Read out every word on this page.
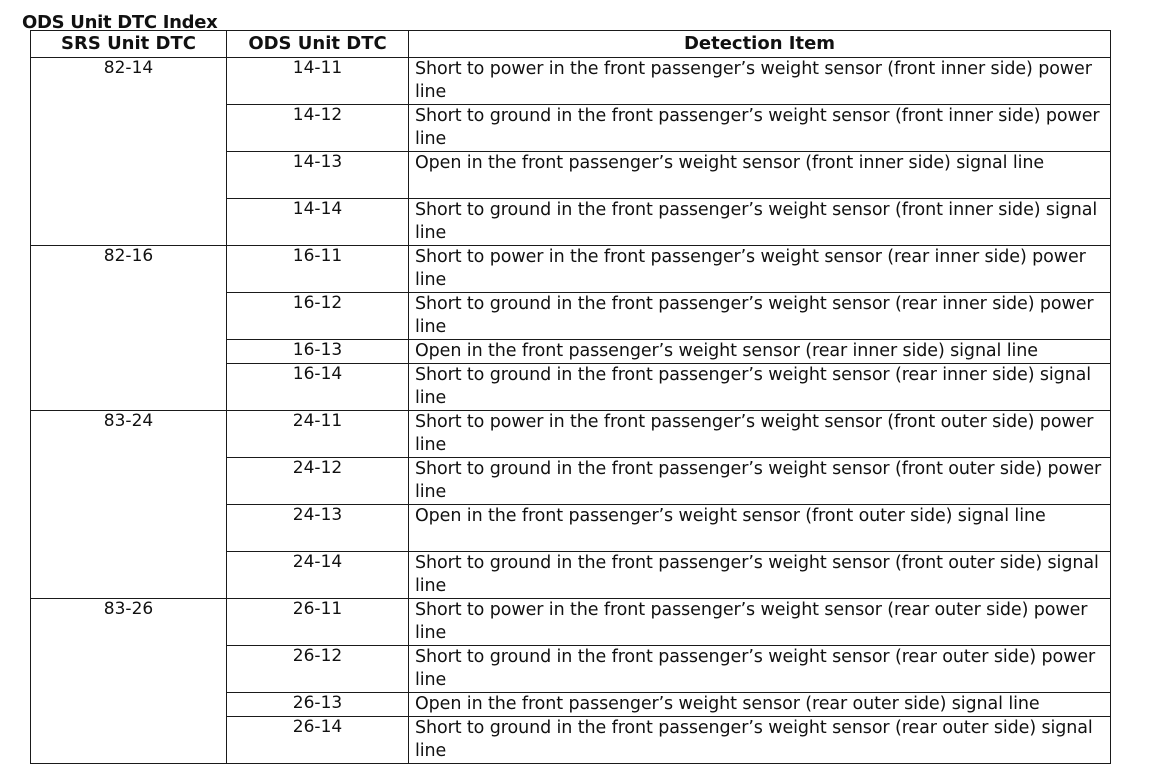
ODS Unit DTC Index
SRS Unit DTC	ODS Unit DTC	Detection Item
82-14	14-11	Short to power in the front passenger’s weight sensor (front inner side) power line
	14-12	Short to ground in the front passenger’s weight sensor (front inner side) power line
	14-13	Open in the front passenger’s weight sensor (front inner side) signal line
	14-14	Short to ground in the front passenger’s weight sensor (front inner side) signal line
82-16	16-11	Short to power in the front passenger’s weight sensor (rear inner side) power line
	16-12	Short to ground in the front passenger’s weight sensor (rear inner side) power line
	16-13	Open in the front passenger’s weight sensor (rear inner side) signal line
	16-14	Short to ground in the front passenger’s weight sensor (rear inner side) signal line
83-24	24-11	Short to power in the front passenger’s weight sensor (front outer side) power line
	24-12	Short to ground in the front passenger’s weight sensor (front outer side) power line
	24-13	Open in the front passenger’s weight sensor (front outer side) signal line
	24-14	Short to ground in the front passenger’s weight sensor (front outer side) signal line
83-26	26-11	Short to power in the front passenger’s weight sensor (rear outer side) power line
	26-12	Short to ground in the front passenger’s weight sensor (rear outer side) power line
	26-13	Open in the front passenger’s weight sensor (rear outer side) signal line
	26-14	Short to ground in the front passenger’s weight sensor (rear outer side) signal line
